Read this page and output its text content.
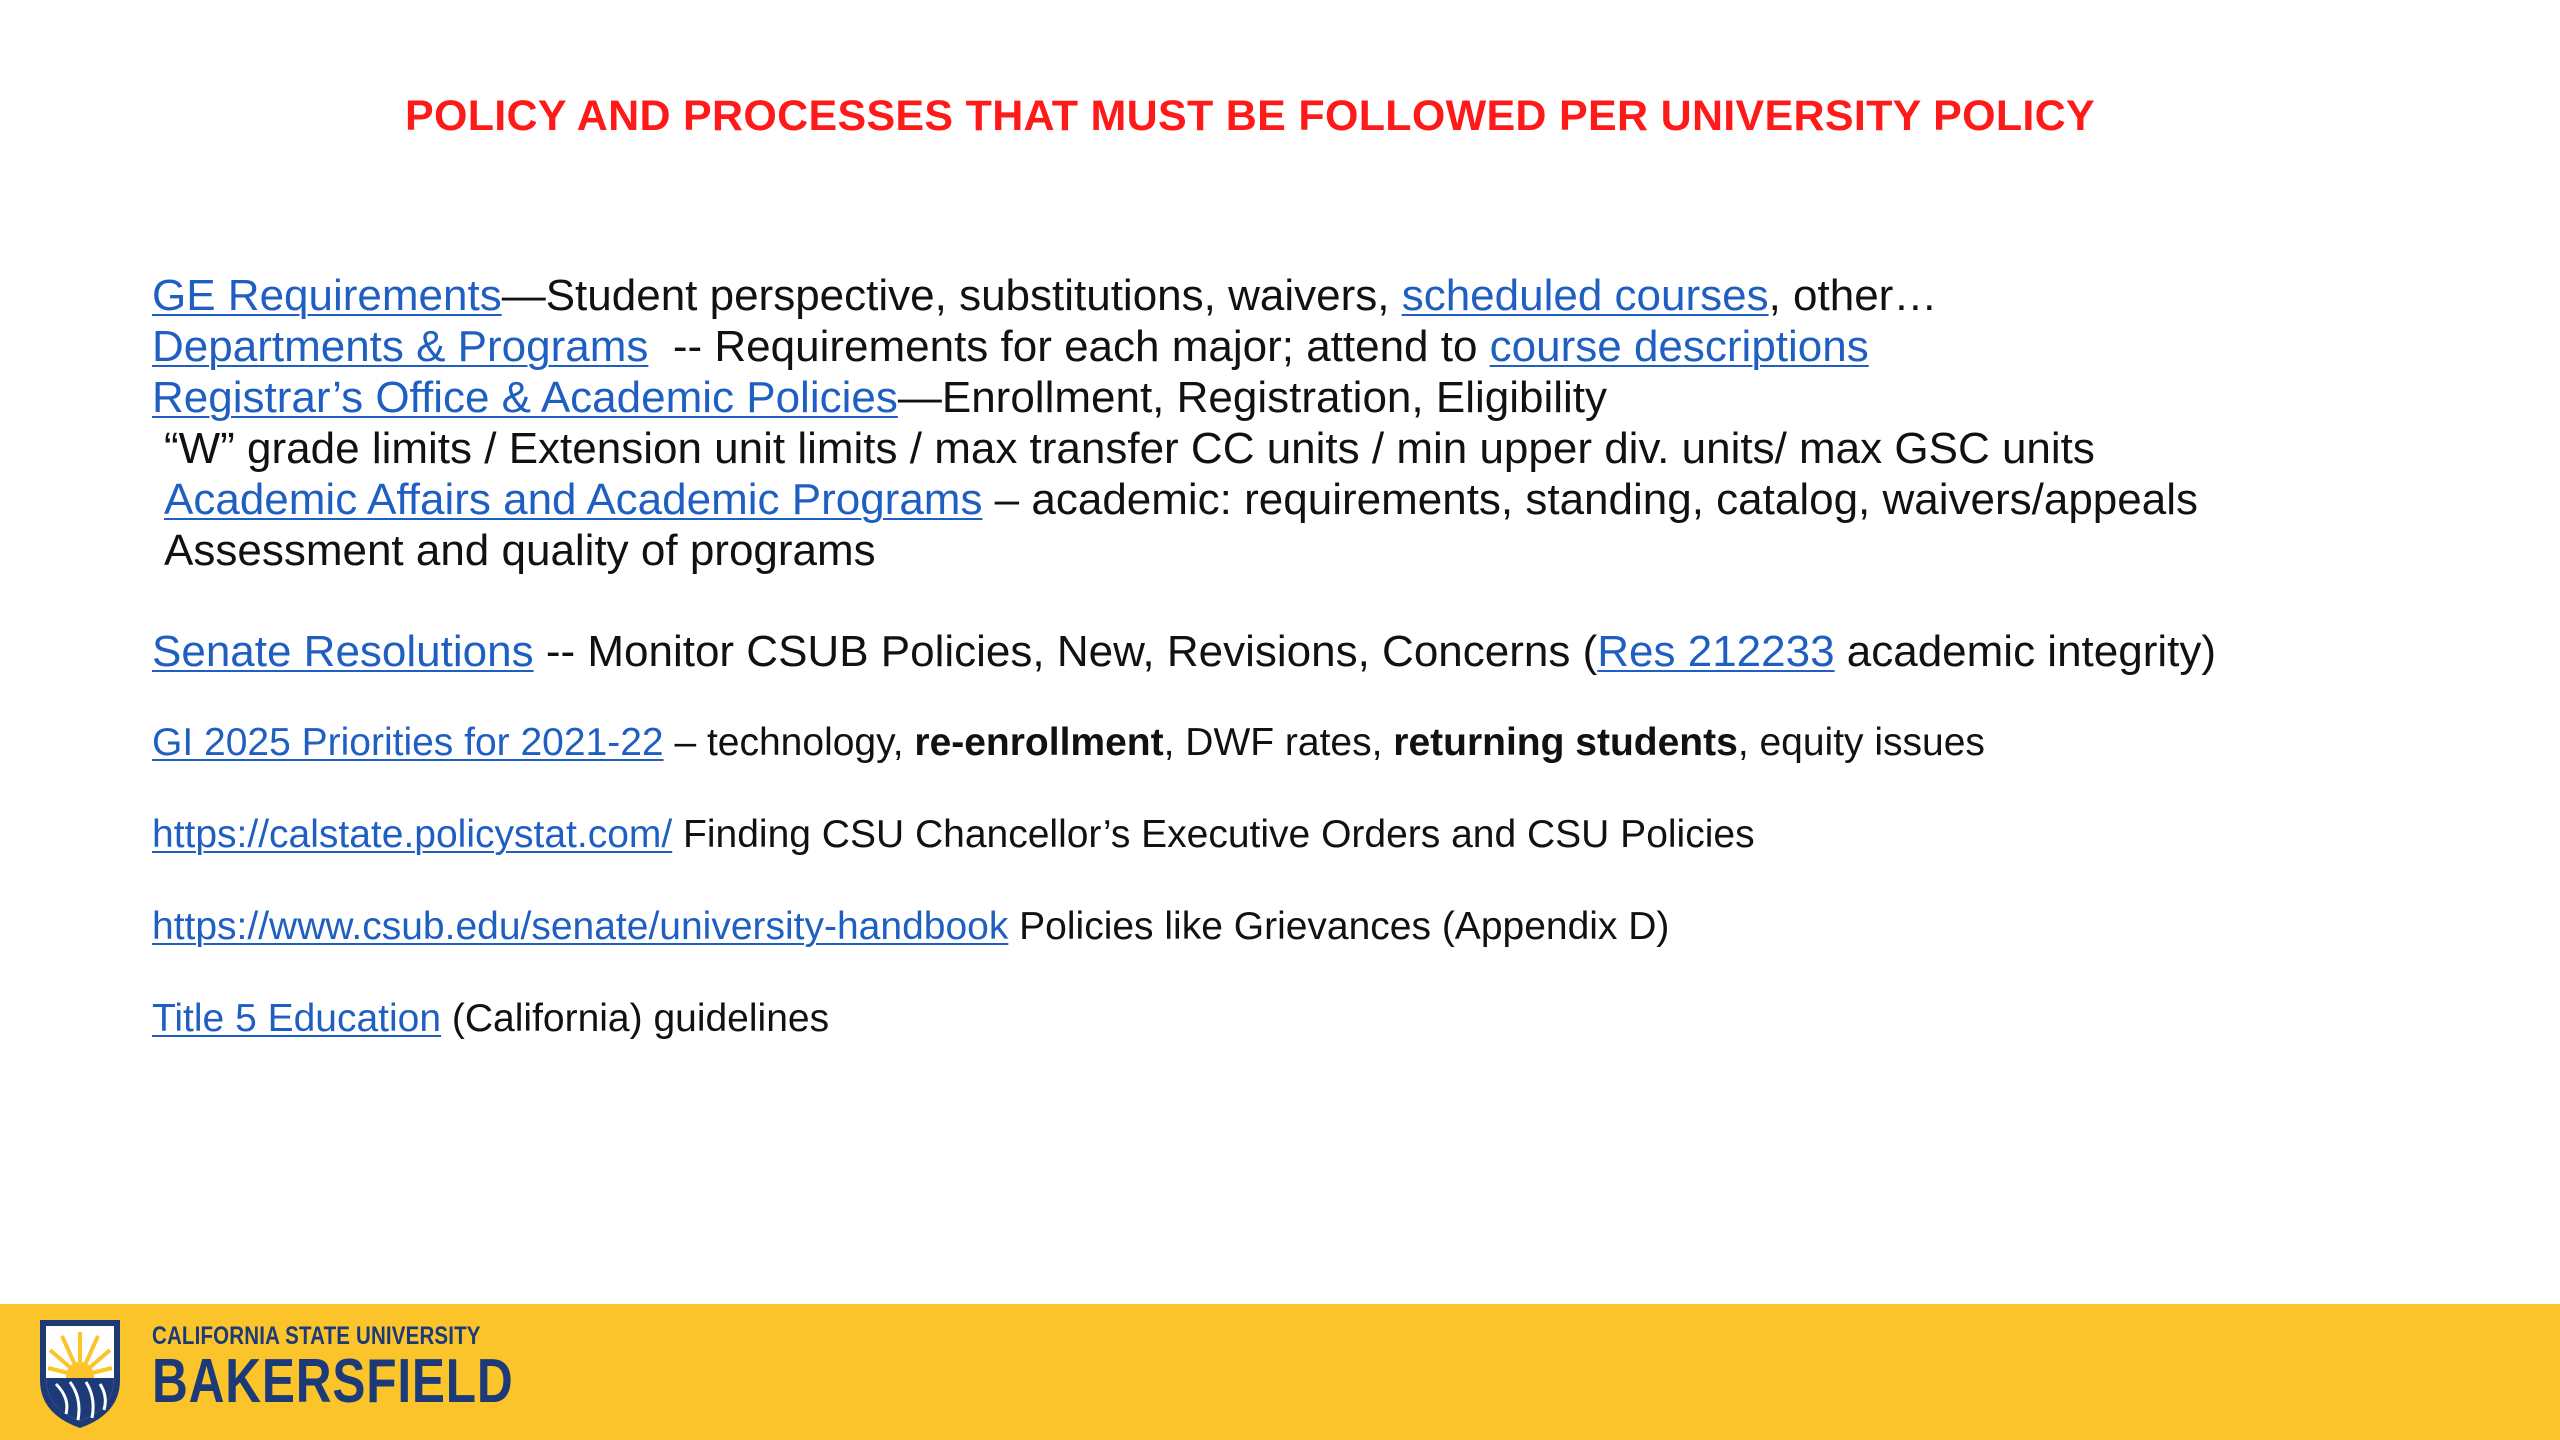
POLICY AND PROCESSES THAT MUST BE FOLLOWED PER UNIVERSITY POLICY
GE Requirements—Student perspective, substitutions, waivers, scheduled courses, other…
Departments & Programs  -- Requirements for each major; attend to course descriptions
Registrar’s Office & Academic Policies—Enrollment, Registration, Eligibility
“W” grade limits / Extension unit limits / max transfer CC units / min upper div. units/ max GSC units
Academic Affairs and Academic Programs – academic: requirements, standing, catalog, waivers/appeals
Assessment and quality of programs
Senate Resolutions -- Monitor CSUB Policies, New, Revisions, Concerns (Res 212233 academic integrity)
GI 2025 Priorities for 2021-22 – technology, re-enrollment, DWF rates, returning students, equity issues
https://calstate.policystat.com/ Finding CSU Chancellor’s Executive Orders and CSU Policies
https://www.csub.edu/senate/university-handbook Policies like Grievances (Appendix D)
Title 5 Education (California) guidelines
CALIFORNIA STATE UNIVERSITY
BAKERSFIELD
